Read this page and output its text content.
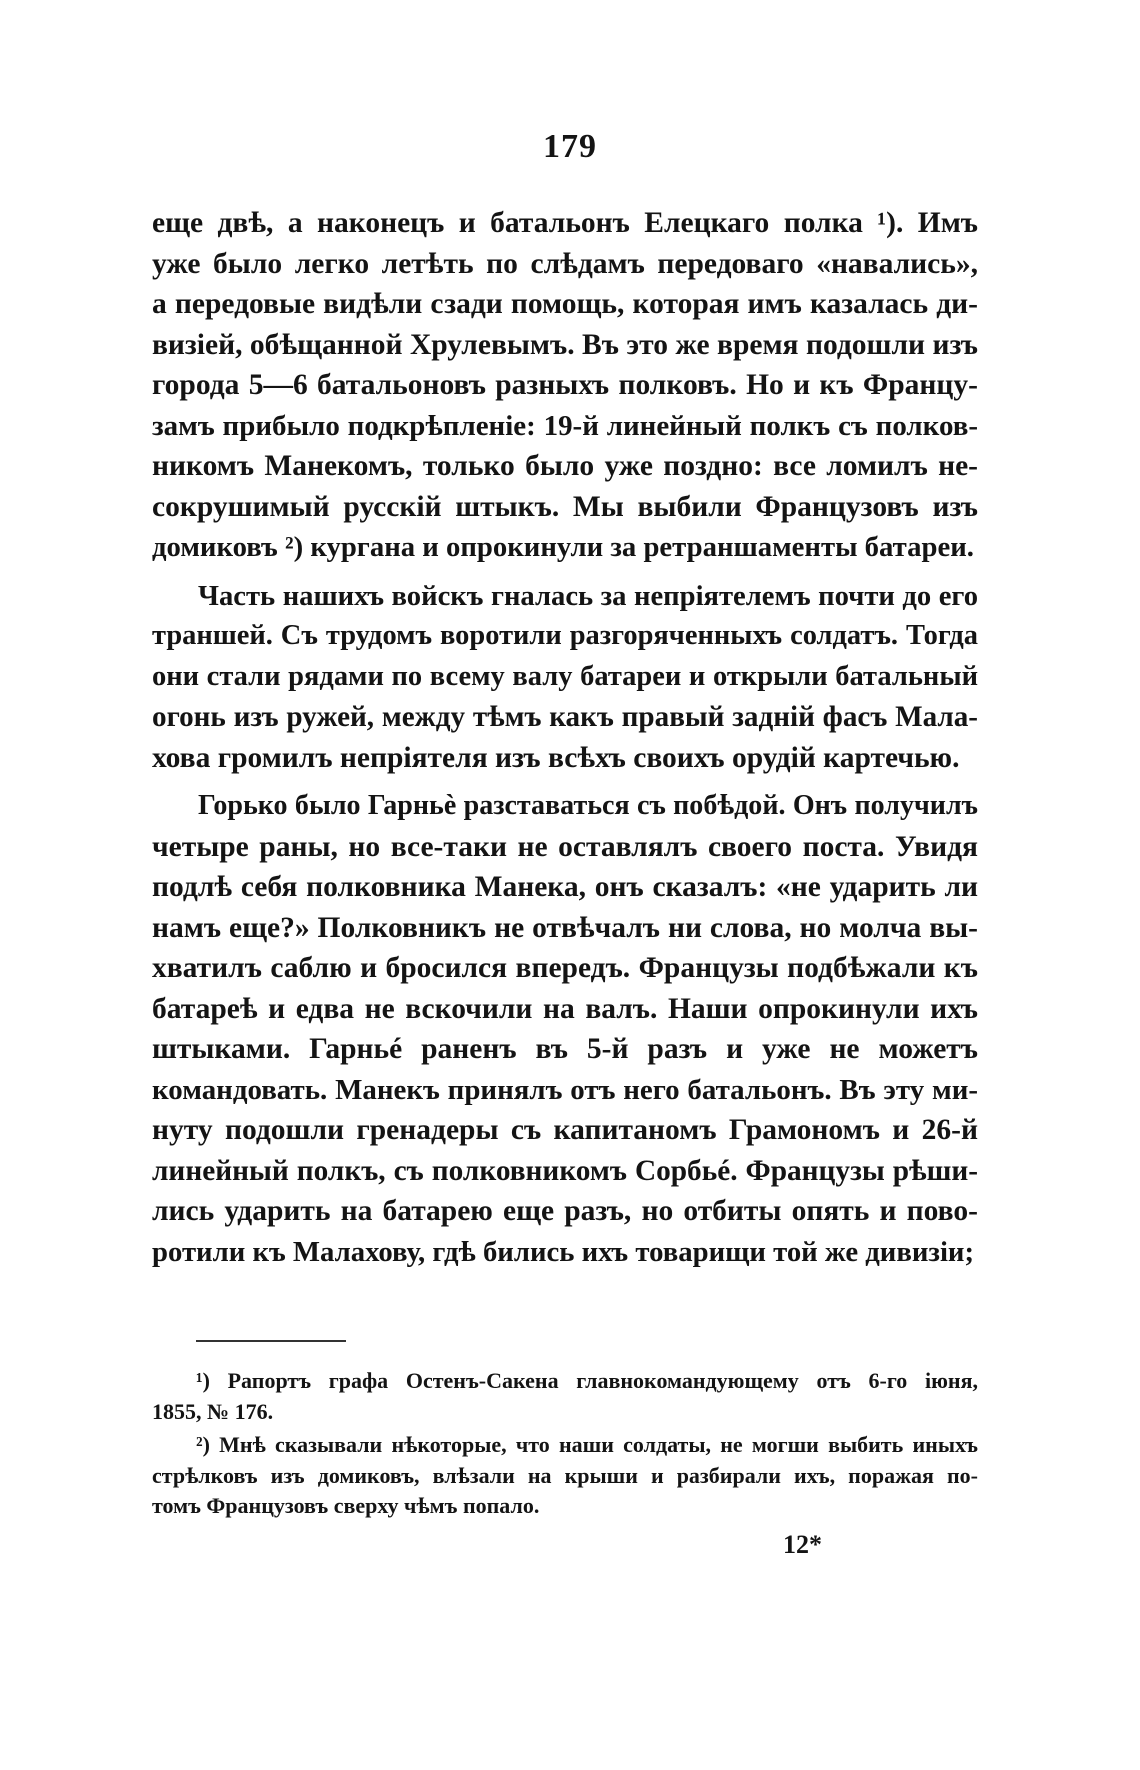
179

еще двѣ, а наконецъ и батальонъ Елецкаго полка ¹). Имъ
уже было легко летѣть по слѣдамъ передоваго «навались»,
а передовые видѣли сзади помощь, которая имъ казалась ди-
визіей, обѣщанной Хрулевымъ. Въ это же время подошли изъ
города 5—6 батальоновъ разныхъ полковъ. Но и къ Францу-
замъ прибыло подкрѣпленіе: 19-й линейный полкъ съ полков-
никомъ Манекомъ, только было уже поздно: все ломилъ не-
сокрушимый русскій штыкъ. Мы выбили Французовъ изъ
домиковъ ²) кургана и опрокинули за ретраншаменты батареи.

Часть нашихъ войскъ гналась за непріятелемъ почти до его
траншей. Съ трудомъ воротили разгоряченныхъ солдатъ. Тогда
они стали рядами по всему валу батареи и открыли батальный
огонь изъ ружей, между тѣмъ какъ правый задній фасъ Мала-
хова громилъ непріятеля изъ всѣхъ своихъ орудій картечью.

Горько было Гарньѐ разставаться съ побѣдой. Онъ получилъ
четыре раны, но все-таки не оставлялъ своего поста. Увидя
подлѣ себя полковника Манека, онъ сказалъ: «не ударить ли
намъ еще?» Полковникъ не отвѣчалъ ни слова, но молча вы-
хватилъ саблю и бросился впередъ. Французы подбѣжали къ
батареѣ и едва не вскочили на валъ. Наши опрокинули ихъ
штыками. Гарньé раненъ въ 5-й разъ и уже не можетъ
командовать. Манекъ принялъ отъ него батальонъ. Въ эту ми-
нуту подошли гренадеры съ капитаномъ Грамономъ и 26-й
линейный полкъ, съ полковникомъ Сорбьé. Французы рѣши-
лись ударить на батарею еще разъ, но отбиты опять и пово-
ротили къ Малахову, гдѣ бились ихъ товарищи той же дивизіи;

¹) Рапортъ графа Остенъ-Сакена главнокомандующему отъ 6-го іюня,
1855, № 176.
²) Мнѣ сказывали нѣкоторые, что наши солдаты, не могши выбить иныхъ
стрѣлковъ изъ домиковъ, влѣзали на крыши и разбирали ихъ, поражая по-
томъ Французовъ сверху чѣмъ попало.
12*
